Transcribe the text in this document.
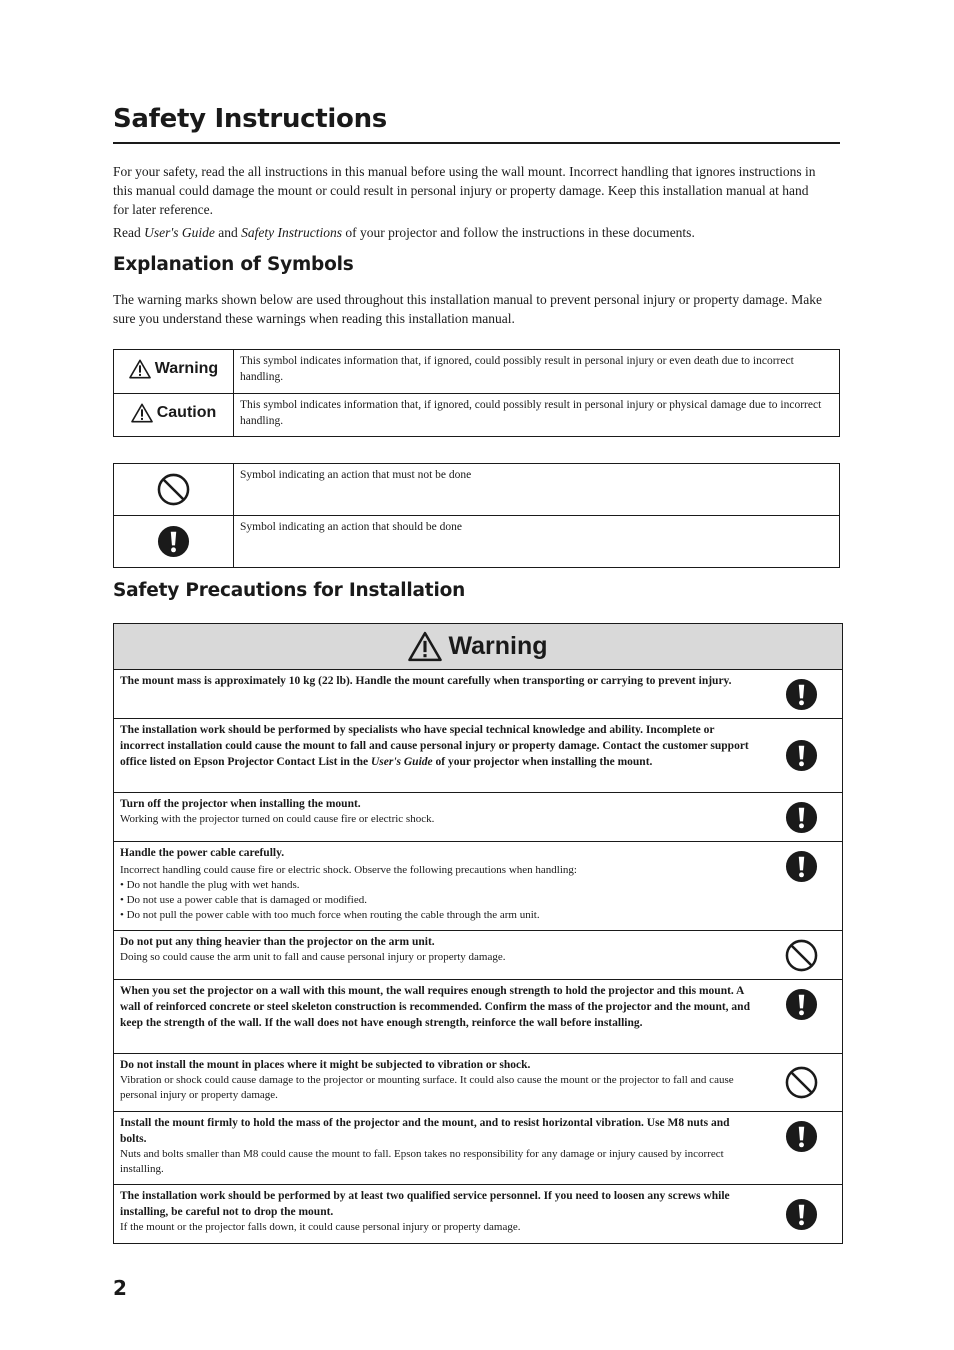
Safety Instructions
For your safety, read the all instructions in this manual before using the wall mount. Incorrect handling that ignores instructions in this manual could damage the mount or could result in personal injury or property damage. Keep this installation manual at hand for later reference.
Read User's Guide and Safety Instructions of your projector and follow the instructions in these documents.
Explanation of Symbols
The warning marks shown below are used throughout this installation manual to prevent personal injury or property damage. Make sure you understand these warnings when reading this installation manual.
Warning	This symbol indicates information that, if ignored, could possibly result in personal injury or even death due to incorrect handling.

Caution	This symbol indicates information that, if ignored, could possibly result in personal injury or physical damage due to incorrect handling.
	Symbol indicating an action that must not be done

	Symbol indicating an action that should be done
Safety Precautions for Installation
Warning
The mount mass is approximately 10 kg (22 lb). Handle the mount carefully when transporting or carrying to prevent injury.
The installation work should be performed by specialists who have special technical knowledge and ability. Incomplete or incorrect installation could cause the mount to fall and cause personal injury or property damage. Contact the customer support office listed on Epson Projector Contact List in the User's Guide of your projector when installing the mount.
Turn off the projector when installing the mount.
Working with the projector turned on could cause fire or electric shock.
Handle the power cable carefully.
Incorrect handling could cause fire or electric shock. Observe the following precautions when handling:
• Do not handle the plug with wet hands.
• Do not use a power cable that is damaged or modified.
• Do not pull the power cable with too much force when routing the cable through the arm unit.
Do not put any thing heavier than the projector on the arm unit.
Doing so could cause the arm unit to fall and cause personal injury or property damage.
When you set the projector on a wall with this mount, the wall requires enough strength to hold the projector and this mount. A wall of reinforced concrete or steel skeleton construction is recommended. Confirm the mass of the projector and the mount, and keep the strength of the wall. If the wall does not have enough strength, reinforce the wall before installing.
Do not install the mount in places where it might be subjected to vibration or shock.
Vibration or shock could cause damage to the projector or mounting surface. It could also cause the mount or the projector to fall and cause personal injury or property damage.
Install the mount firmly to hold the mass of the projector and the mount, and to resist horizontal vibration. Use M8 nuts and bolts.
Nuts and bolts smaller than M8 could cause the mount to fall. Epson takes no responsibility for any damage or injury caused by incorrect installing.
The installation work should be performed by at least two qualified service personnel. If you need to loosen any screws while installing, be careful not to drop the mount.
If the mount or the projector falls down, it could cause personal injury or property damage.
2
